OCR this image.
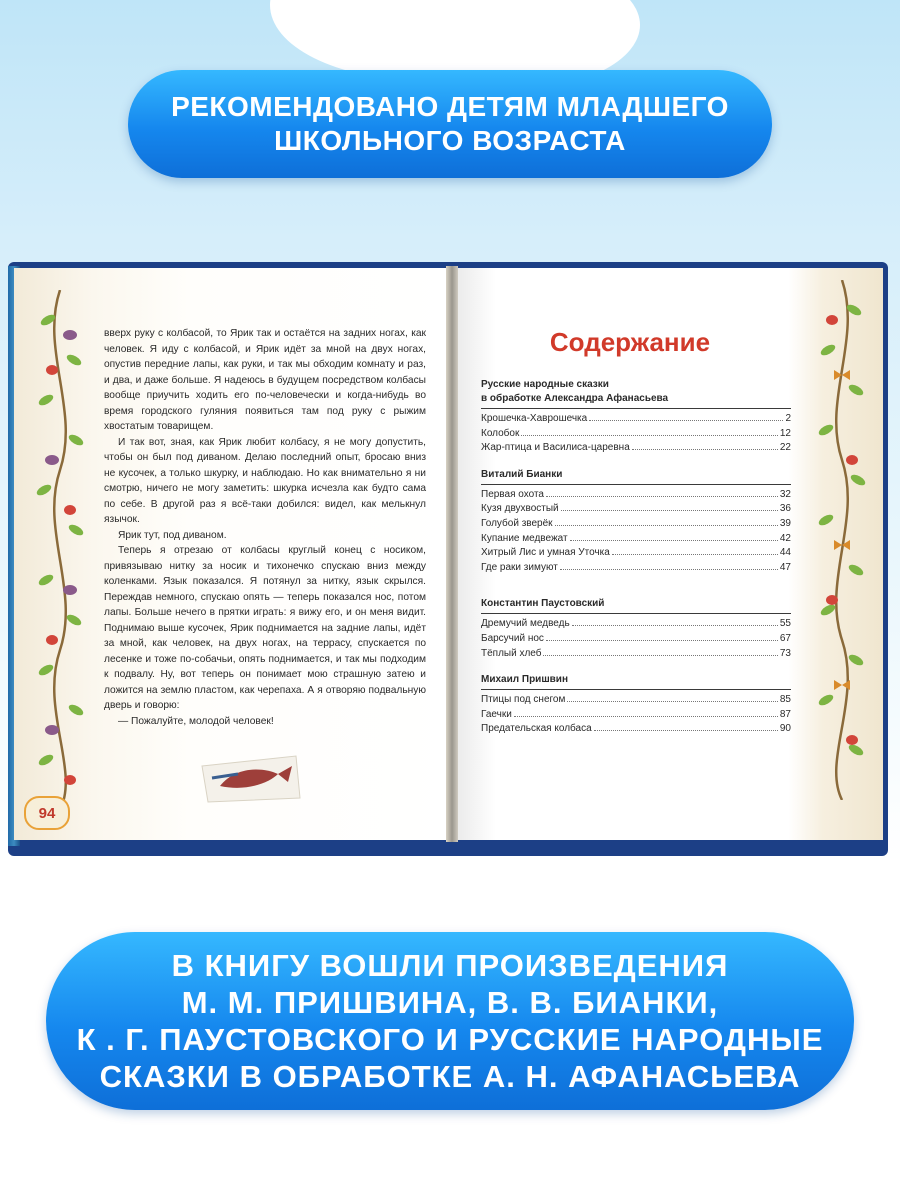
РЕКОМЕНДОВАНО ДЕТЯМ МЛАДШЕГО
ШКОЛЬНОГО ВОЗРАСТА

вверх руку с колбасой, то Ярик так и остаётся на задних ногах, как человек. Я иду с колбасой, и Ярик идёт за мной на двух ногах, опустив передние лапы, как руки, и так мы обходим комнату и раз, и два, и даже больше. Я надеюсь в будущем посредством колбасы вообще приучить ходить его по-человечески и когда-нибудь во время городского гуляния появиться там под руку с рыжим хвостатым товарищем.

И так вот, зная, как Ярик любит колбасу, я не могу допустить, чтобы он был под диваном. Делаю последний опыт, бросаю вниз не кусочек, а только шкурку, и наблюдаю. Но как внимательно я ни смотрю, ничего не могу заметить: шкурка исчезла как будто сама по себе. В другой раз я всё-таки добился: видел, как мелькнул язычок.

Ярик тут, под диваном.

Теперь я отрезаю от колбасы круглый конец с носиком, привязываю нитку за носик и тихонечко спускаю вниз между коленками. Язык показался. Я потянул за нитку, язык скрылся. Переждав немного, спускаю опять — теперь показался нос, потом лапы. Больше нечего в прятки играть: я вижу его, и он меня видит. Поднимаю выше кусочек, Ярик поднимается на задние лапы, идёт за мной, как человек, на двух ногах, на террасу, спускается по лесенке и тоже по-собачьи, опять поднимается, и так мы подходим к подвалу. Ну, вот теперь он понимает мою страшную затею и ложится на землю пластом, как черепаха. А я отворяю подвальную дверь и говорю:

— Пожалуйте, молодой человек!

94
Содержание
Русские народные сказки
в обработке Александра Афанасьева
Крошечка-Хаврошечка	2
Колобок	12
Жар-птица и Василиса-царевна	22
Виталий Бианки
Первая охота	32
Кузя двухвостый	36
Голубой зверёк	39
Купание медвежат	42
Хитрый Лис и умная Уточка	44
Где раки зимуют	47
Константин Паустовский
Дремучий медведь	55
Барсучий нос	67
Тёплый хлеб	73
Михаил Пришвин
Птицы под снегом	85
Гаечки	87
Предательская колбаса	90
В КНИГУ ВОШЛИ ПРОИЗВЕДЕНИЯ
М. М. ПРИШВИНА, В. В. БИАНКИ,
К . Г. ПАУСТОВСКОГО И РУССКИЕ НАРОДНЫЕ
СКАЗКИ В ОБРАБОТКЕ А. Н. АФАНАСЬЕВА
